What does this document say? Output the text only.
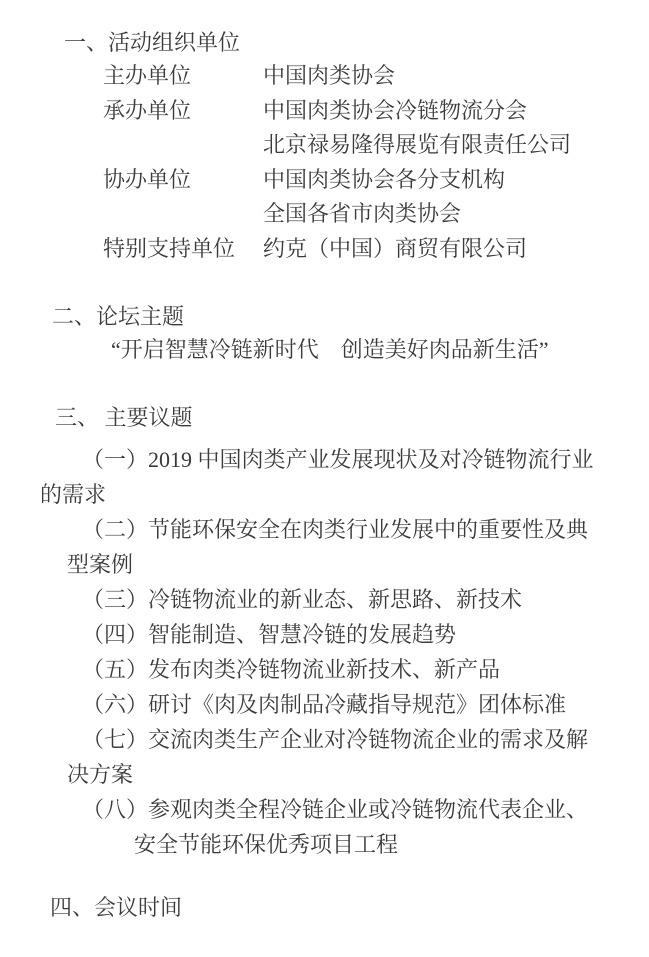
一、活动组织单位
主办单位	中国肉类协会
承办单位	中国肉类协会冷链物流分会
北京禄易隆得展览有限责任公司
协办单位	中国肉类协会各分支机构
全国各省市肉类协会
特别支持单位 约克（中国）商贸有限公司
二、论坛主题
“开启智慧冷链新时代　创造美好肉品新生活”
三、 主要议题
（一）2019 中国肉类产业发展现状及对冷链物流行业
的需求
（二）节能环保安全在肉类行业发展中的重要性及典
型案例
（三）冷链物流业的新业态、新思路、新技术
（四）智能制造、智慧冷链的发展趋势
（五）发布肉类冷链物流业新技术、新产品
（六）研讨《肉及肉制品冷藏指导规范》团体标准
（七）交流肉类生产企业对冷链物流企业的需求及解
决方案
（八）参观肉类全程冷链企业或冷链物流代表企业、
安全节能环保优秀项目工程
四、会议时间
